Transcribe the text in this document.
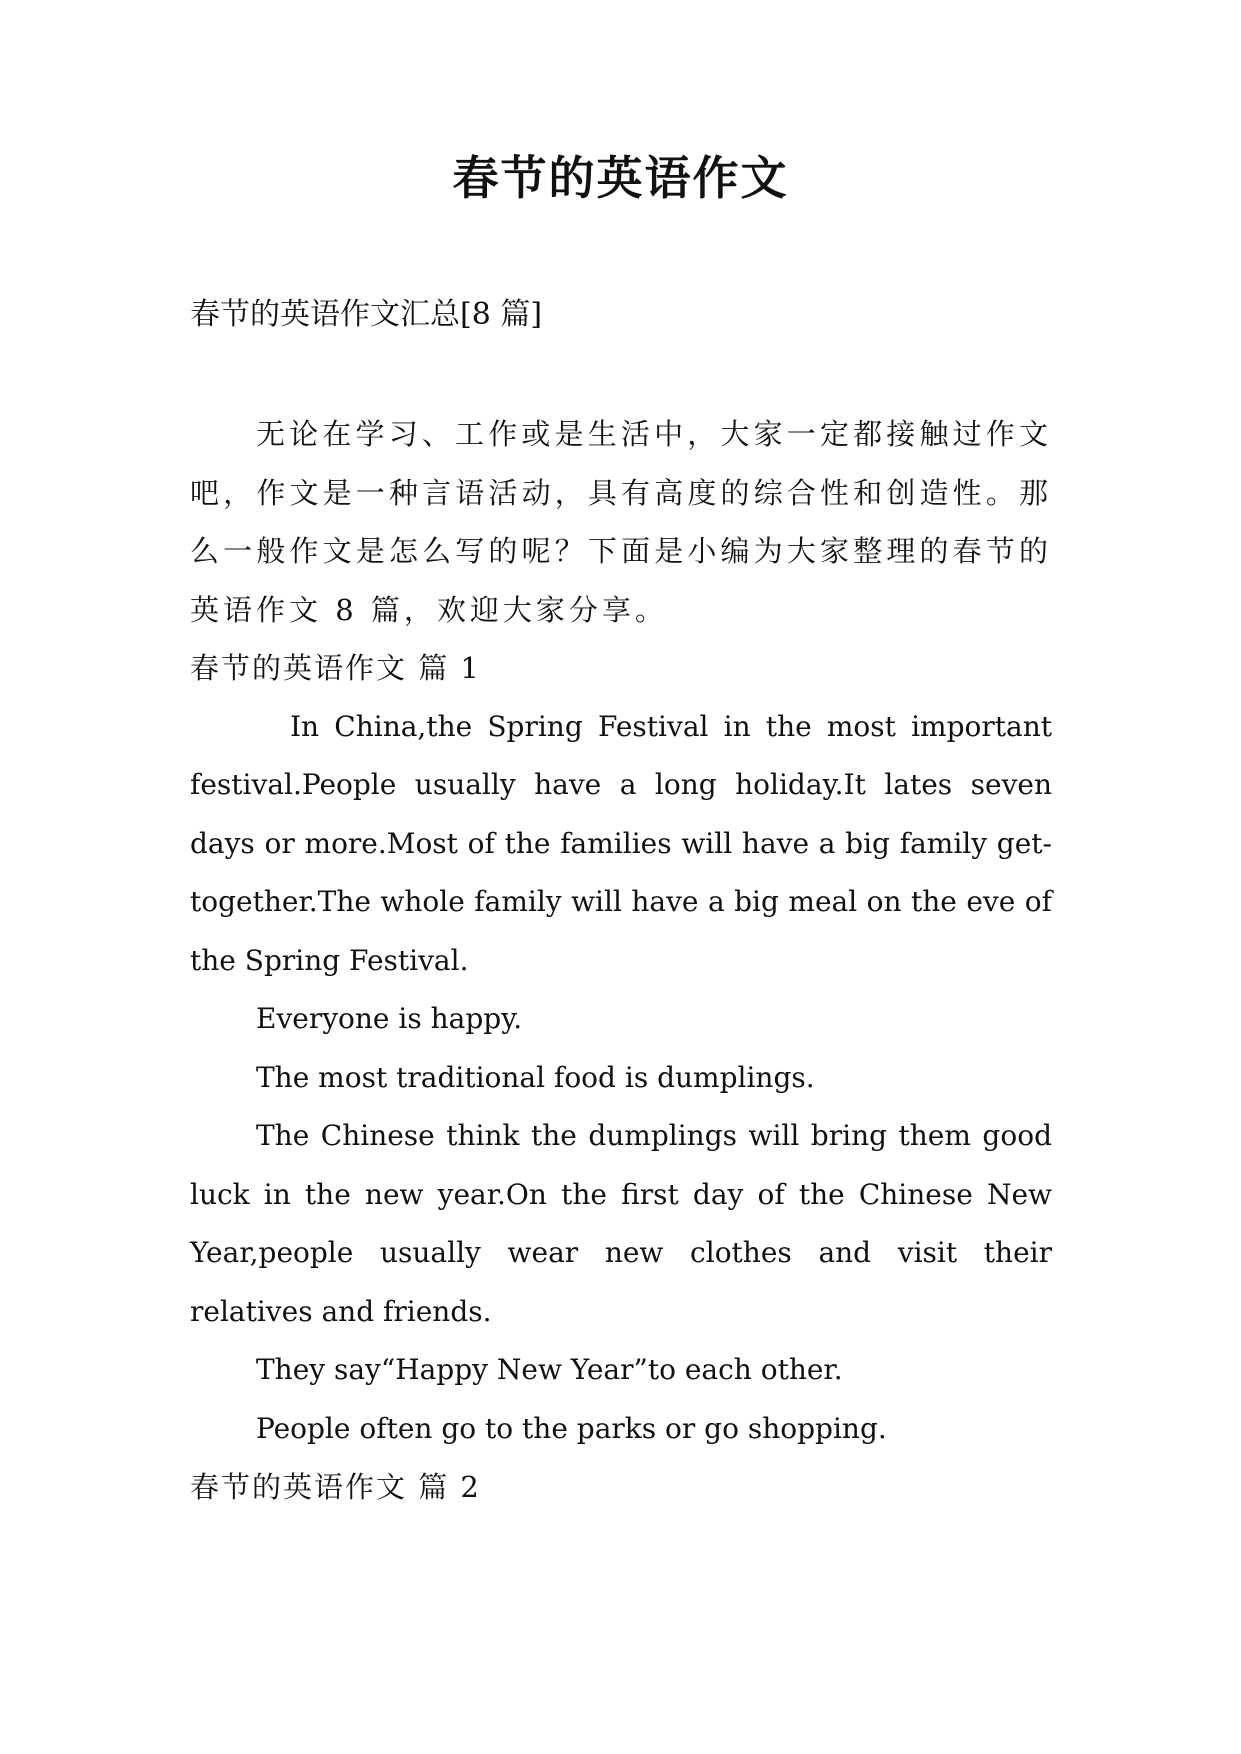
春节的英语作文
春节的英语作文汇总[8 篇]

无论在学习、工作或是生活中，大家一定都接触过作文吧，作文是一种言语活动，具有高度的综合性和创造性。那么一般作文是怎么写的呢？下面是小编为大家整理的春节的英语作文 8 篇，欢迎大家分享。

春节的英语作文 篇 1

In China,the Spring Festival in the most important festival.People usually have a long holiday.It lates seven days or more.Most of the families will have a big family get-together.The whole family will have a big meal on the eve of the Spring Festival.

Everyone is happy.

The most traditional food is dumplings.

The Chinese think the dumplings will bring them good luck in the new year.On the first day of the Chinese New Year,people usually wear new clothes and visit their relatives and friends.

They say“Happy New Year”to each other.

People often go to the parks or go shopping.

春节的英语作文 篇 2
